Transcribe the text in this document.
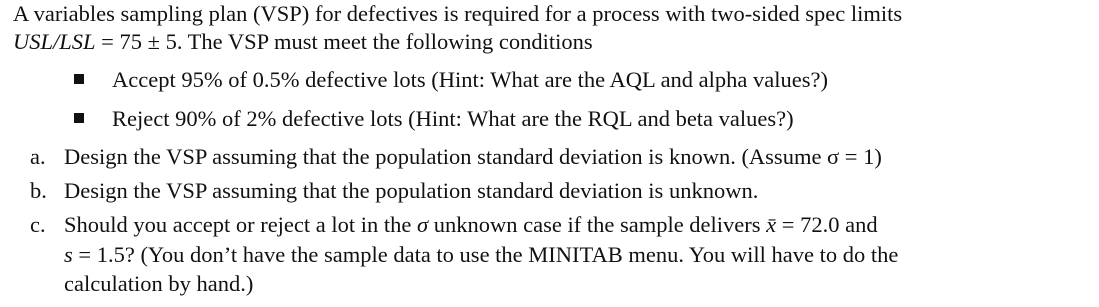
A variables sampling plan (VSP) for defectives is required for a process with two-sided spec limits
USL/LSL = 75 ± 5. The VSP must meet the following conditions
Accept 95% of 0.5% defective lots (Hint: What are the AQL and alpha values?)
Reject 90% of 2% defective lots (Hint: What are the RQL and beta values?)
a. Design the VSP assuming that the population standard deviation is known. (Assume σ = 1)
b. Design the VSP assuming that the population standard deviation is unknown.
c. Should you accept or reject a lot in the σ unknown case if the sample delivers x̄ = 72.0 and
s = 1.5? (You don’t have the sample data to use the MINITAB menu. You will have to do the
calculation by hand.)
